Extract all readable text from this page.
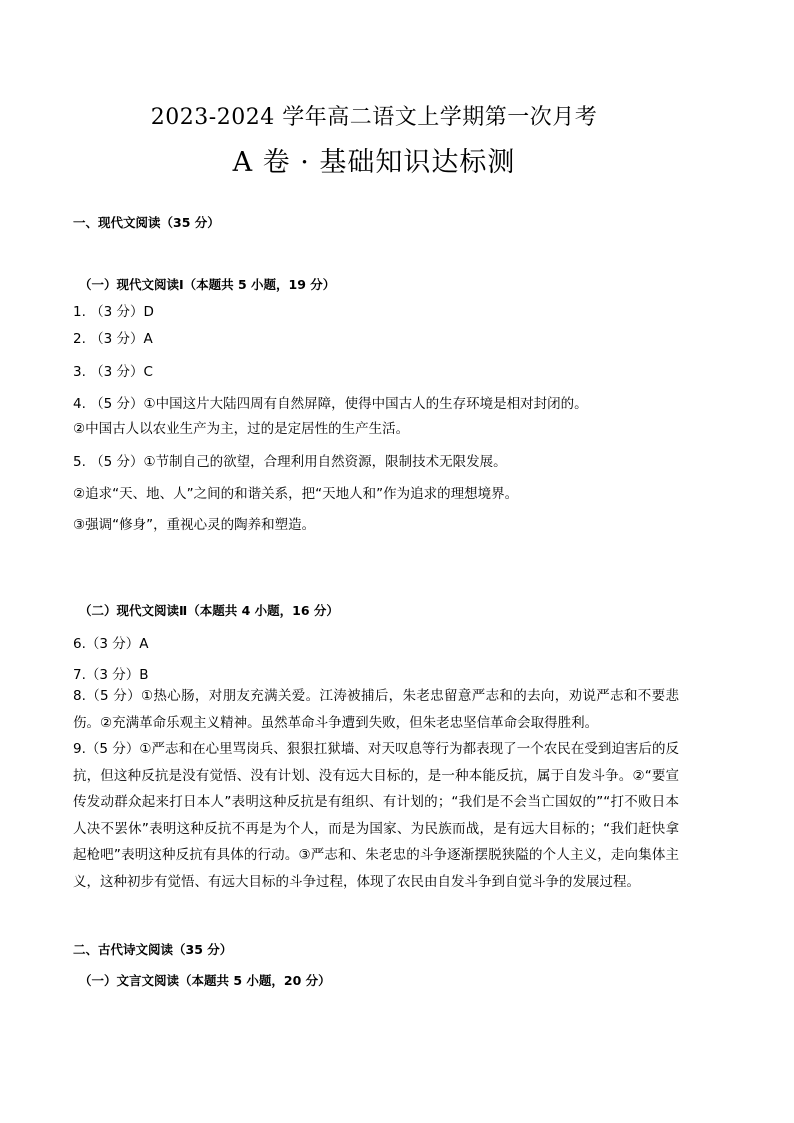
2023-2024 学年高二语文上学期第一次月考
A 卷 · 基础知识达标测
一、现代文阅读（35 分）
（一）现代文阅读Ⅰ（本题共 5 小题，19 分）
1. （3 分）D
2. （3 分）A
3. （3 分）C
4. （5 分）①中国这片大陆四周有自然屏障，使得中国古人的生存环境是相对封闭的。
②中国古人以农业生产为主，过的是定居性的生产生活。
5. （5 分）①节制自己的欲望，合理利用自然资源，限制技术无限发展。
②追求“天、地、人”之间的和谐关系，把“天地人和”作为追求的理想境界。
③强调“修身”，重视心灵的陶养和塑造。
（二）现代文阅读Ⅱ（本题共 4 小题，16 分）
6.（3 分）A
7.（3 分）B

8.（5 分）①热心肠，对朋友充满关爱。江涛被捕后，朱老忠留意严志和的去向，劝说严志和不要悲伤。②充满革命乐观主义精神。虽然革命斗争遭到失败，但朱老忠坚信革命会取得胜利。

9.（5 分）①严志和在心里骂岗兵、狠狠扛狱墙、对天叹息等行为都表现了一个农民在受到迫害后的反抗，但这种反抗是没有觉悟、没有计划、没有远大目标的，是一种本能反抗，属于自发斗争。②“要宣传发动群众起来打日本人”表明这种反抗是有组织、有计划的；“我们是不会当亡国奴的”“打不败日本人决不罢休”表明这种反抗不再是为个人，而是为国家、为民族而战，是有远大目标的；“我们赶快拿起枪吧”表明这种反抗有具体的行动。③严志和、朱老忠的斗争逐渐摆脱狭隘的个人主义，走向集体主义，这种初步有觉悟、有远大目标的斗争过程，体现了农民由自发斗争到自觉斗争的发展过程。

二、古代诗文阅读（35 分）
（一）文言文阅读（本题共 5 小题，20 分）
